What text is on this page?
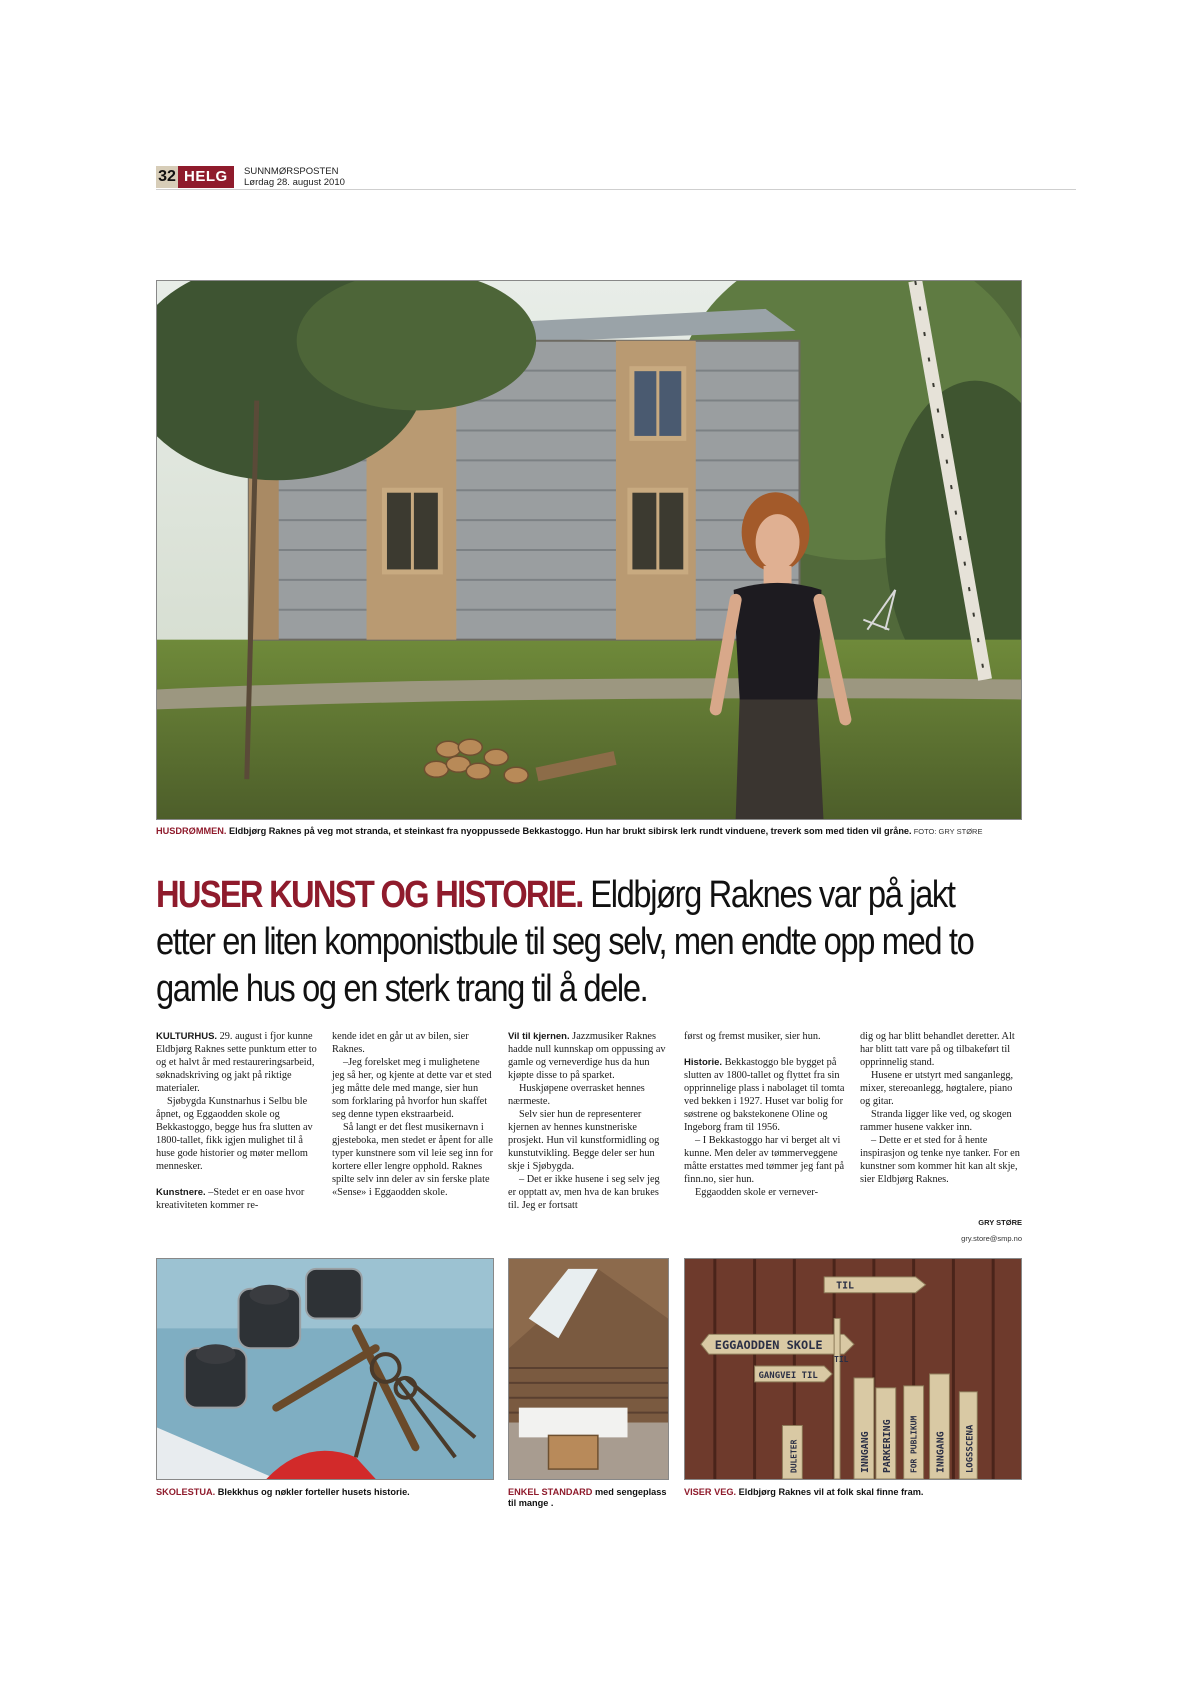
32 HELG	SUNNMØRSPOSTEN
Lørdag 28. august 2010
HUSDRØMMEN. Eldbjørg Raknes på veg mot stranda, et steinkast fra nyoppussede Bekkastoggo. Hun har brukt sibirsk lerk rundt vinduene, treverk som med tiden vil gråne. FOTO: GRY STØRE
HUSER KUNST OG HISTORIE. Eldbjørg Raknes var på jakt etter en liten komponistbule til seg selv, men endte opp med to gamle hus og en sterk trang til å dele.

KULTURHUS. 29. august i fjor kunne Eldbjørg Raknes sette punktum etter to og et halvt år med restaureringsarbeid, søknadskriving og jakt på riktige materialer.

Sjøbygda Kunstnarhus i Selbu ble åpnet, og Eggaodden skole og Bekkastoggo, begge hus fra slutten av 1800-tallet, fikk igjen mulighet til å huse gode historier og møter mellom mennesker.

Kunstnere. –Stedet er en oase hvor kreativiteten kommer re-

kende idet en går ut av bilen, sier Raknes.

–Jeg forelsket meg i mulighetene jeg så her, og kjente at dette var et sted jeg måtte dele med mange, sier hun som forklaring på hvorfor hun skaffet seg denne typen ekstraarbeid.

Så langt er det flest musikernavn i gjesteboka, men stedet er åpent for alle typer kunstnere som vil leie seg inn for kortere eller lengre opphold. Raknes spilte selv inn deler av sin ferske plate «Sense» i Eggaodden skole.

Vil til kjernen. Jazzmusiker Raknes hadde null kunnskap om oppussing av gamle og verneverdige hus da hun kjøpte disse to på sparket.

Huskjøpene overrasket hennes nærmeste.

Selv sier hun de representerer kjernen av hennes kunstneriske prosjekt. Hun vil kunstformidling og kunstutvikling. Begge deler ser hun skje i Sjøbygda.

– Det er ikke husene i seg selv jeg er opptatt av, men hva de kan brukes til. Jeg er fortsatt

først og fremst musiker, sier hun.

Historie. Bekkastoggo ble bygget på slutten av 1800-tallet og flyttet fra sin opprinnelige plass i nabolaget til tomta ved bekken i 1927. Huset var bolig for søstrene og bakstekonene Oline og Ingeborg fram til 1956.

– I Bekkastoggo har vi berget alt vi kunne. Men deler av tømmerveggene måtte erstattes med tømmer jeg fant på finn.no, sier hun.

Eggaodden skole er vernever-

dig og har blitt behandlet deretter. Alt har blitt tatt vare på og tilbakeført til opprinnelig stand.

Husene er utstyrt med sanganlegg, mixer, stereoanlegg, høgtalere, piano og gitar.

Stranda ligger like ved, og skogen rammer husene vakker inn.

– Dette er et sted for å hente inspirasjon og tenke nye tanker. For en kunstner som kommer hit kan alt skje, sier Eldbjørg Raknes.

GRY STØRE
gry.store@smp.no
SKOLESTUA. Blekkhus og nøkler forteller husets historie.	ENKEL STANDARD med sengeplass til mange .
TIL
EGGAODDEN SKOLE
TIL
GANGVEI TIL
DULETER	INNGANG PARKERING FOR PUBLIKUM INNGANG LOGSSCENA
VISER VEG. Eldbjørg Raknes vil at folk skal finne fram.
